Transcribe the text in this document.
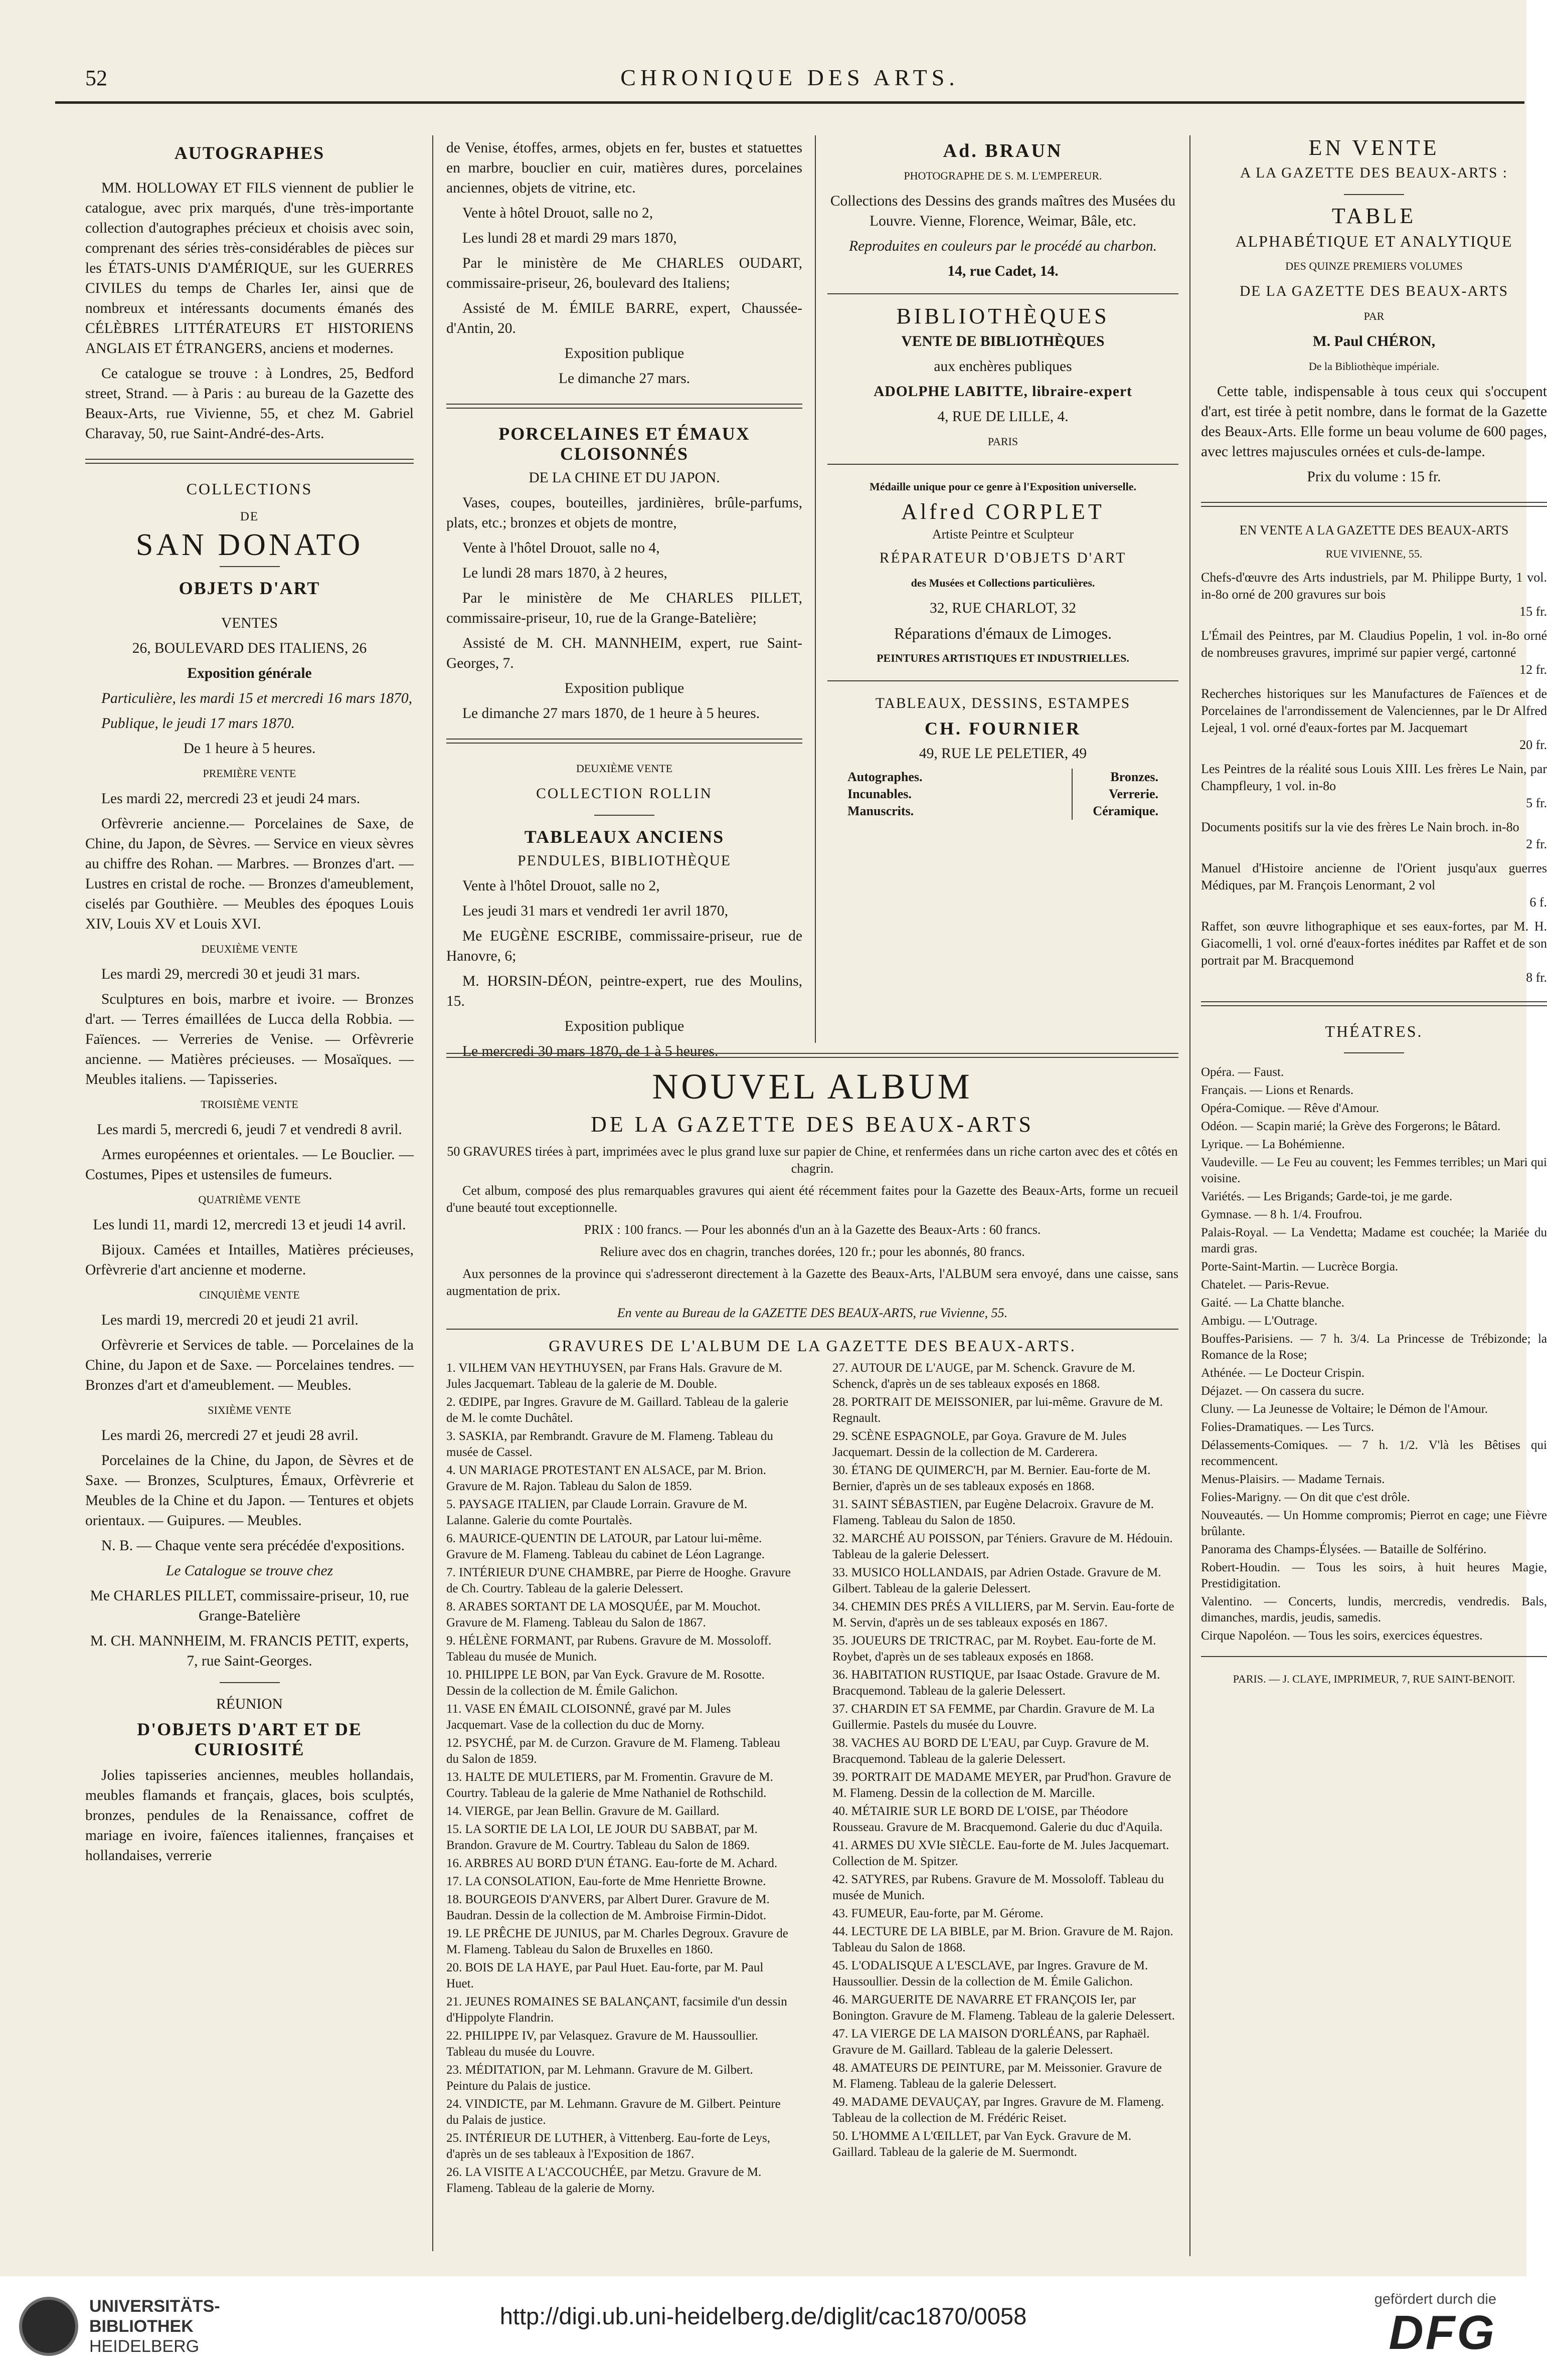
52	CHRONIQUE DES ARTS.
AUTOGRAPHES

MM. HOLLOWAY ET FILS viennent de publier le catalogue, avec prix marqués, d'une très-importante collection d'autographes précieux et choisis avec soin, comprenant des séries très-considérables de pièces sur les ÉTATS-UNIS D'AMÉRIQUE, sur les GUERRES CIVILES du temps de Charles Ier, ainsi que de nombreux et intéressants documents émanés des CÉLÈBRES LITTÉRATEURS ET HISTORIENS ANGLAIS ET ÉTRANGERS, anciens et modernes.

Ce catalogue se trouve : à Londres, 25, Bedford street, Strand. — à Paris : au bureau de la Gazette des Beaux-Arts, rue Vivienne, 55, et chez M. Gabriel Charavay, 50, rue Saint-André-des-Arts.

COLLECTIONS
DE
SAN DONATO
OBJETS D'ART

VENTES

26, BOULEVARD DES ITALIENS, 26

Exposition générale

Particulière, les mardi 15 et mercredi 16 mars 1870,

Publique, le jeudi 17 mars 1870.

De 1 heure à 5 heures.

PREMIÈRE VENTE

Les mardi 22, mercredi 23 et jeudi 24 mars.

Orfèvrerie ancienne.— Porcelaines de Saxe, de Chine, du Japon, de Sèvres. — Service en vieux sèvres au chiffre des Rohan. — Marbres. — Bronzes d'art. — Lustres en cristal de roche. — Bronzes d'ameublement, ciselés par Gouthière. — Meubles des époques Louis XIV, Louis XV et Louis XVI.

DEUXIÈME VENTE

Les mardi 29, mercredi 30 et jeudi 31 mars.

Sculptures en bois, marbre et ivoire. — Bronzes d'art. — Terres émaillées de Lucca della Robbia. — Faïences. — Verreries de Venise. — Orfèvrerie ancienne. — Matières précieuses. — Mosaïques. — Meubles italiens. — Tapisseries.

TROISIÈME VENTE

Les mardi 5, mercredi 6, jeudi 7 et vendredi 8 avril.

Armes européennes et orientales. — Le Bouclier. — Costumes, Pipes et ustensiles de fumeurs.

QUATRIÈME VENTE

Les lundi 11, mardi 12, mercredi 13 et jeudi 14 avril.

Bijoux. Camées et Intailles, Matières précieuses, Orfèvrerie d'art ancienne et moderne.

CINQUIÈME VENTE

Les mardi 19, mercredi 20 et jeudi 21 avril.

Orfèvrerie et Services de table. — Porcelaines de la Chine, du Japon et de Saxe. — Porcelaines tendres. — Bronzes d'art et d'ameublement. — Meubles.

SIXIÈME VENTE

Les mardi 26, mercredi 27 et jeudi 28 avril.

Porcelaines de la Chine, du Japon, de Sèvres et de Saxe. — Bronzes, Sculptures, Émaux, Orfèvrerie et Meubles de la Chine et du Japon. — Tentures et objets orientaux. — Guipures. — Meubles.

N. B. — Chaque vente sera précédée d'expositions.

Le Catalogue se trouve chez

Me CHARLES PILLET, commissaire-priseur, 10, rue Grange-Batelière

M. CH. MANNHEIM, M. FRANCIS PETIT, experts, 7, rue Saint-Georges.

RÉUNION

D'OBJETS D'ART ET DE CURIOSITÉ

Jolies tapisseries anciennes, meubles hollandais, meubles flamands et français, glaces, bois sculptés, bronzes, pendules de la Renaissance, coffret de mariage en ivoire, faïences italiennes, françaises et hollandaises, verrerie

de Venise, étoffes, armes, objets en fer, bustes et statuettes en marbre, bouclier en cuir, matières dures, porcelaines anciennes, objets de vitrine, etc.

Vente à hôtel Drouot, salle no 2,

Les lundi 28 et mardi 29 mars 1870,

Par le ministère de Me CHARLES OUDART, commissaire-priseur, 26, boulevard des Italiens;

Assisté de M. ÉMILE BARRE, expert, Chaussée-d'Antin, 20.

Exposition publique

Le dimanche 27 mars.

PORCELAINES ET ÉMAUX CLOISONNÉS

DE LA CHINE ET DU JAPON.

Vases, coupes, bouteilles, jardinières, brûle-parfums, plats, etc.; bronzes et objets de montre,

Vente à l'hôtel Drouot, salle no 4,

Le lundi 28 mars 1870, à 2 heures,

Par le ministère de Me CHARLES PILLET, commissaire-priseur, 10, rue de la Grange-Batelière;

Assisté de M. CH. MANNHEIM, expert, rue Saint-Georges, 7.

Exposition publique

Le dimanche 27 mars 1870, de 1 heure à 5 heures.

DEUXIÈME VENTE

COLLECTION ROLLIN

TABLEAUX ANCIENS

PENDULES, BIBLIOTHÈQUE

Vente à l'hôtel Drouot, salle no 2,

Les jeudi 31 mars et vendredi 1er avril 1870,

Me EUGÈNE ESCRIBE, commissaire-priseur, rue de Hanovre, 6;

M. HORSIN-DÉON, peintre-expert, rue des Moulins, 15.

Exposition publique

Le mercredi 30 mars 1870, de 1 à 5 heures.

Ad. BRAUN

PHOTOGRAPHE DE S. M. L'EMPEREUR.

Collections des Dessins des grands maîtres des Musées du Louvre. Vienne, Florence, Weimar, Bâle, etc.

Reproduites en couleurs par le procédé au charbon.

14, rue Cadet, 14.

BIBLIOTHÈQUES

VENTE DE BIBLIOTHÈQUES

aux enchères publiques

ADOLPHE LABITTE, libraire-expert

4, RUE DE LILLE, 4.

PARIS

Médaille unique pour ce genre à l'Exposition universelle.

Alfred CORPLET

Artiste Peintre et Sculpteur

RÉPARATEUR D'OBJETS D'ART

des Musées et Collections particulières.

32, RUE CHARLOT, 32

Réparations d'émaux de Limoges.

PEINTURES ARTISTIQUES ET INDUSTRIELLES.

TABLEAUX, DESSINS, ESTAMPES

CH. FOURNIER

49, RUE LE PELETIER, 49

Autographes.
Incunables.
Manuscrits.
Bronzes.
Verrerie.
Céramique.
NOUVEL ALBUM
DE LA GAZETTE DES BEAUX-ARTS

50 GRAVURES tirées à part, imprimées avec le plus grand luxe sur papier de Chine, et renfermées dans un riche carton avec des et côtés en chagrin.

Cet album, composé des plus remarquables gravures qui aient été récemment faites pour la Gazette des Beaux-Arts, forme un recueil d'une beauté tout exceptionnelle.

PRIX : 100 francs. — Pour les abonnés d'un an à la Gazette des Beaux-Arts : 60 francs.

Reliure avec dos en chagrin, tranches dorées, 120 fr.; pour les abonnés, 80 francs.

Aux personnes de la province qui s'adresseront directement à la Gazette des Beaux-Arts, l'ALBUM sera envoyé, dans une caisse, sans augmentation de prix.

En vente au Bureau de la GAZETTE DES BEAUX-ARTS, rue Vivienne, 55.

GRAVURES DE L'ALBUM DE LA GAZETTE DES BEAUX-ARTS.

1. VILHEM VAN HEYTHUYSEN, par Frans Hals. Gravure de M. Jules Jacquemart. Tableau de la galerie de M. Double.

2. ŒDIPE, par Ingres. Gravure de M. Gaillard. Tableau de la galerie de M. le comte Duchâtel.

3. SASKIA, par Rembrandt. Gravure de M. Flameng. Tableau du musée de Cassel.

4. UN MARIAGE PROTESTANT EN ALSACE, par M. Brion. Gravure de M. Rajon. Tableau du Salon de 1859.

5. PAYSAGE ITALIEN, par Claude Lorrain. Gravure de M. Lalanne. Galerie du comte Pourtalès.

6. MAURICE-QUENTIN DE LATOUR, par Latour lui-même. Gravure de M. Flameng. Tableau du cabinet de Léon Lagrange.

7. INTÉRIEUR D'UNE CHAMBRE, par Pierre de Hooghe. Gravure de Ch. Courtry. Tableau de la galerie Delessert.

8. ARABES SORTANT DE LA MOSQUÉE, par M. Mouchot. Gravure de M. Flameng. Tableau du Salon de 1867.

9. HÉLÈNE FORMANT, par Rubens. Gravure de M. Mossoloff. Tableau du musée de Munich.

10. PHILIPPE LE BON, par Van Eyck. Gravure de M. Rosotte. Dessin de la collection de M. Émile Galichon.

11. VASE EN ÉMAIL CLOISONNÉ, gravé par M. Jules Jacquemart. Vase de la collection du duc de Morny.

12. PSYCHÉ, par M. de Curzon. Gravure de M. Flameng. Tableau du Salon de 1859.

13. HALTE DE MULETIERS, par M. Fromentin. Gravure de M. Courtry. Tableau de la galerie de Mme Nathaniel de Rothschild.

14. VIERGE, par Jean Bellin. Gravure de M. Gaillard.

15. LA SORTIE DE LA LOI, LE JOUR DU SABBAT, par M. Brandon. Gravure de M. Courtry. Tableau du Salon de 1869.

16. ARBRES AU BORD D'UN ÉTANG. Eau-forte de M. Achard.

17. LA CONSOLATION, Eau-forte de Mme Henriette Browne.

18. BOURGEOIS D'ANVERS, par Albert Durer. Gravure de M. Baudran. Dessin de la collection de M. Ambroise Firmin-Didot.

19. LE PRÊCHE DE JUNIUS, par M. Charles Degroux. Gravure de M. Flameng. Tableau du Salon de Bruxelles en 1860.

20. BOIS DE LA HAYE, par Paul Huet. Eau-forte, par M. Paul Huet.

21. JEUNES ROMAINES SE BALANÇANT, facsimile d'un dessin d'Hippolyte Flandrin.

22. PHILIPPE IV, par Velasquez. Gravure de M. Haussoullier. Tableau du musée du Louvre.

23. MÉDITATION, par M. Lehmann. Gravure de M. Gilbert. Peinture du Palais de justice.

24. VINDICTE, par M. Lehmann. Gravure de M. Gilbert. Peinture du Palais de justice.

25. INTÉRIEUR DE LUTHER, à Vittenberg. Eau-forte de Leys, d'après un de ses tableaux à l'Exposition de 1867.

26. LA VISITE A L'ACCOUCHÉE, par Metzu. Gravure de M. Flameng. Tableau de la galerie de Morny.

27. AUTOUR DE L'AUGE, par M. Schenck. Gravure de M. Schenck, d'après un de ses tableaux exposés en 1868.

28. PORTRAIT DE MEISSONIER, par lui-même. Gravure de M. Regnault.

29. SCÈNE ESPAGNOLE, par Goya. Gravure de M. Jules Jacquemart. Dessin de la collection de M. Carderera.

30. ÉTANG DE QUIMERC'H, par M. Bernier. Eau-forte de M. Bernier, d'après un de ses tableaux exposés en 1868.

31. SAINT SÉBASTIEN, par Eugène Delacroix. Gravure de M. Flameng. Tableau du Salon de 1850.

32. MARCHÉ AU POISSON, par Téniers. Gravure de M. Hédouin. Tableau de la galerie Delessert.

33. MUSICO HOLLANDAIS, par Adrien Ostade. Gravure de M. Gilbert. Tableau de la galerie Delessert.

34. CHEMIN DES PRÉS A VILLIERS, par M. Servin. Eau-forte de M. Servin, d'après un de ses tableaux exposés en 1867.

35. JOUEURS DE TRICTRAC, par M. Roybet. Eau-forte de M. Roybet, d'après un de ses tableaux exposés en 1868.

36. HABITATION RUSTIQUE, par Isaac Ostade. Gravure de M. Bracquemond. Tableau de la galerie Delessert.

37. CHARDIN ET SA FEMME, par Chardin. Gravure de M. La Guillermie. Pastels du musée du Louvre.

38. VACHES AU BORD DE L'EAU, par Cuyp. Gravure de M. Bracquemond. Tableau de la galerie Delessert.

39. PORTRAIT DE MADAME MEYER, par Prud'hon. Gravure de M. Flameng. Dessin de la collection de M. Marcille.

40. MÉTAIRIE SUR LE BORD DE L'OISE, par Théodore Rousseau. Gravure de M. Bracquemond. Galerie du duc d'Aquila.

41. ARMES DU XVIe SIÈCLE. Eau-forte de M. Jules Jacquemart. Collection de M. Spitzer.

42. SATYRES, par Rubens. Gravure de M. Mossoloff. Tableau du musée de Munich.

43. FUMEUR, Eau-forte, par M. Gérome.

44. LECTURE DE LA BIBLE, par M. Brion. Gravure de M. Rajon. Tableau du Salon de 1868.

45. L'ODALISQUE A L'ESCLAVE, par Ingres. Gravure de M. Haussoullier. Dessin de la collection de M. Émile Galichon.

46. MARGUERITE DE NAVARRE ET FRANÇOIS Ier, par Bonington. Gravure de M. Flameng. Tableau de la galerie Delessert.

47. LA VIERGE DE LA MAISON D'ORLÉANS, par Raphaël. Gravure de M. Gaillard. Tableau de la galerie Delessert.

48. AMATEURS DE PEINTURE, par M. Meissonier. Gravure de M. Flameng. Tableau de la galerie Delessert.

49. MADAME DEVAUÇAY, par Ingres. Gravure de M. Flameng. Tableau de la collection de M. Frédéric Reiset.

50. L'HOMME A L'ŒILLET, par Van Eyck. Gravure de M. Gaillard. Tableau de la galerie de M. Suermondt.

EN VENTE

A LA GAZETTE DES BEAUX-ARTS :

TABLE

ALPHABÉTIQUE ET ANALYTIQUE

DES QUINZE PREMIERS VOLUMES

DE LA GAZETTE DES BEAUX-ARTS

PAR

M. Paul CHÉRON,

De la Bibliothèque impériale.

Cette table, indispensable à tous ceux qui s'occupent d'art, est tirée à petit nombre, dans le format de la Gazette des Beaux-Arts. Elle forme un beau volume de 600 pages, avec lettres majuscules ornées et culs-de-lampe.

Prix du volume : 15 fr.

EN VENTE A LA GAZETTE DES BEAUX-ARTS

RUE VIVIENNE, 55.

Chefs-d'œuvre des Arts industriels, par M. Philippe Burty, 1 vol. in-8o orné de 200 gravures sur bois
15 fr.
L'Émail des Peintres, par M. Claudius Popelin, 1 vol. in-8o orné de nombreuses gravures, imprimé sur papier vergé, cartonné
12 fr.
Recherches historiques sur les Manufactures de Faïences et de Porcelaines de l'arrondissement de Valenciennes, par le Dr Alfred Lejeal, 1 vol. orné d'eaux-fortes par M. Jacquemart
20 fr.
Les Peintres de la réalité sous Louis XIII. Les frères Le Nain, par Champfleury, 1 vol. in-8o
5 fr.
Documents positifs sur la vie des frères Le Nain broch. in-8o
2 fr.
Manuel d'Histoire ancienne de l'Orient jusqu'aux guerres Médiques, par M. François Lenormant, 2 vol
6 f.
Raffet, son œuvre lithographique et ses eaux-fortes, par M. H. Giacomelli, 1 vol. orné d'eaux-fortes inédites par Raffet et de son portrait par M. Bracquemond
8 fr.
THÉATRES.

Opéra. — Faust.

Français. — Lions et Renards.

Opéra-Comique. — Rêve d'Amour.

Odéon. — Scapin marié; la Grève des Forgerons; le Bâtard.

Lyrique. — La Bohémienne.

Vaudeville. — Le Feu au couvent; les Femmes terribles; un Mari qui voisine.

Variétés. — Les Brigands; Garde-toi, je me garde.

Gymnase. — 8 h. 1/4. Froufrou.

Palais-Royal. — La Vendetta; Madame est couchée; la Mariée du mardi gras.

Porte-Saint-Martin. — Lucrèce Borgia.

Chatelet. — Paris-Revue.

Gaité. — La Chatte blanche.

Ambigu. — L'Outrage.

Bouffes-Parisiens. — 7 h. 3/4. La Princesse de Trébizonde; la Romance de la Rose;

Athénée. — Le Docteur Crispin.

Déjazet. — On cassera du sucre.

Cluny. — La Jeunesse de Voltaire; le Démon de l'Amour.

Folies-Dramatiques. — Les Turcs.

Délassements-Comiques. — 7 h. 1/2. V'là les Bêtises qui recommencent.

Menus-Plaisirs. — Madame Ternais.

Folies-Marigny. — On dit que c'est drôle.

Nouveautés. — Un Homme compromis; Pierrot en cage; une Fièvre brûlante.

Panorama des Champs-Élysées. — Bataille de Solférino.

Robert-Houdin. — Tous les soirs, à huit heures Magie, Prestidigitation.

Valentino. — Concerts, lundis, mercredis, vendredis. Bals, dimanches, mardis, jeudis, samedis.

Cirque Napoléon. — Tous les soirs, exercices équestres.

PARIS. — J. CLAYE, IMPRIMEUR, 7, RUE SAINT-BENOIT.

UNIVERSITÄTS-
BIBLIOTHEK
HEIDELBERG
http://digi.ub.uni-heidelberg.de/diglit/cac1870/0058
gefördert durch die
DFG
